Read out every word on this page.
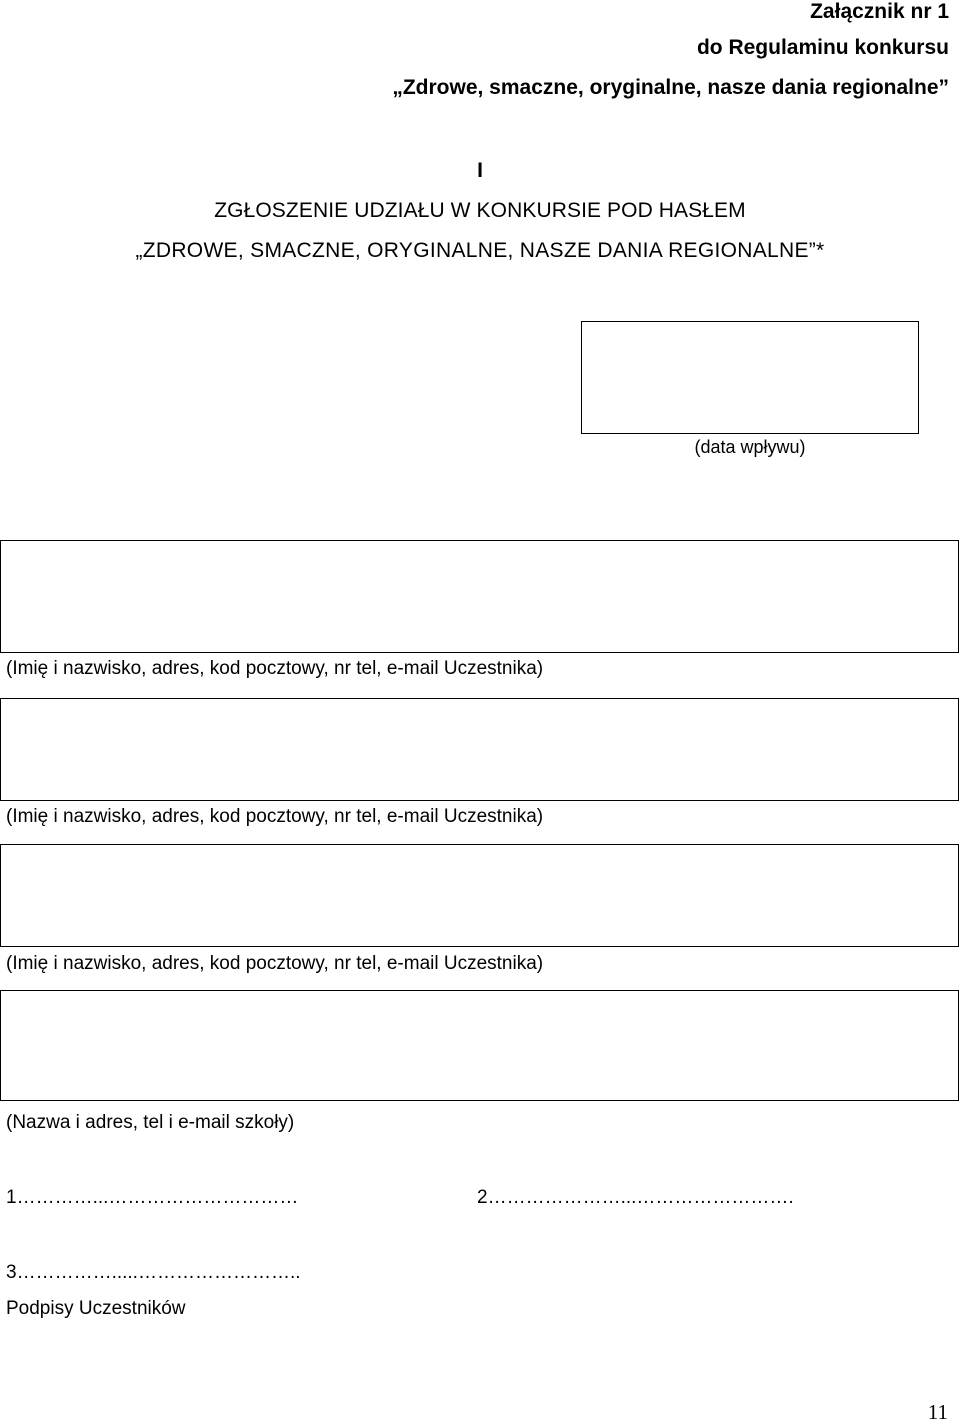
Załącznik nr 1
do Regulaminu konkursu
„Zdrowe, smaczne, oryginalne, nasze dania regionalne”
I
ZGŁOSZENIE UDZIAŁU W KONKURSIE POD HASŁEM
„ZDROWE, SMACZNE, ORYGINALNE, NASZE DANIA REGIONALNE”*
(data wpływu)
(Imię i nazwisko, adres, kod pocztowy, nr tel, e-mail Uczestnika)
(Imię i nazwisko, adres, kod pocztowy, nr tel, e-mail Uczestnika)
(Imię i nazwisko, adres, kod pocztowy, nr tel, e-mail Uczestnika)
(Nazwa i adres, tel i e-mail szkoły)
1…………...…………………………	2…………………...…………………….
3…………….....……………………..
Podpisy Uczestników
11
